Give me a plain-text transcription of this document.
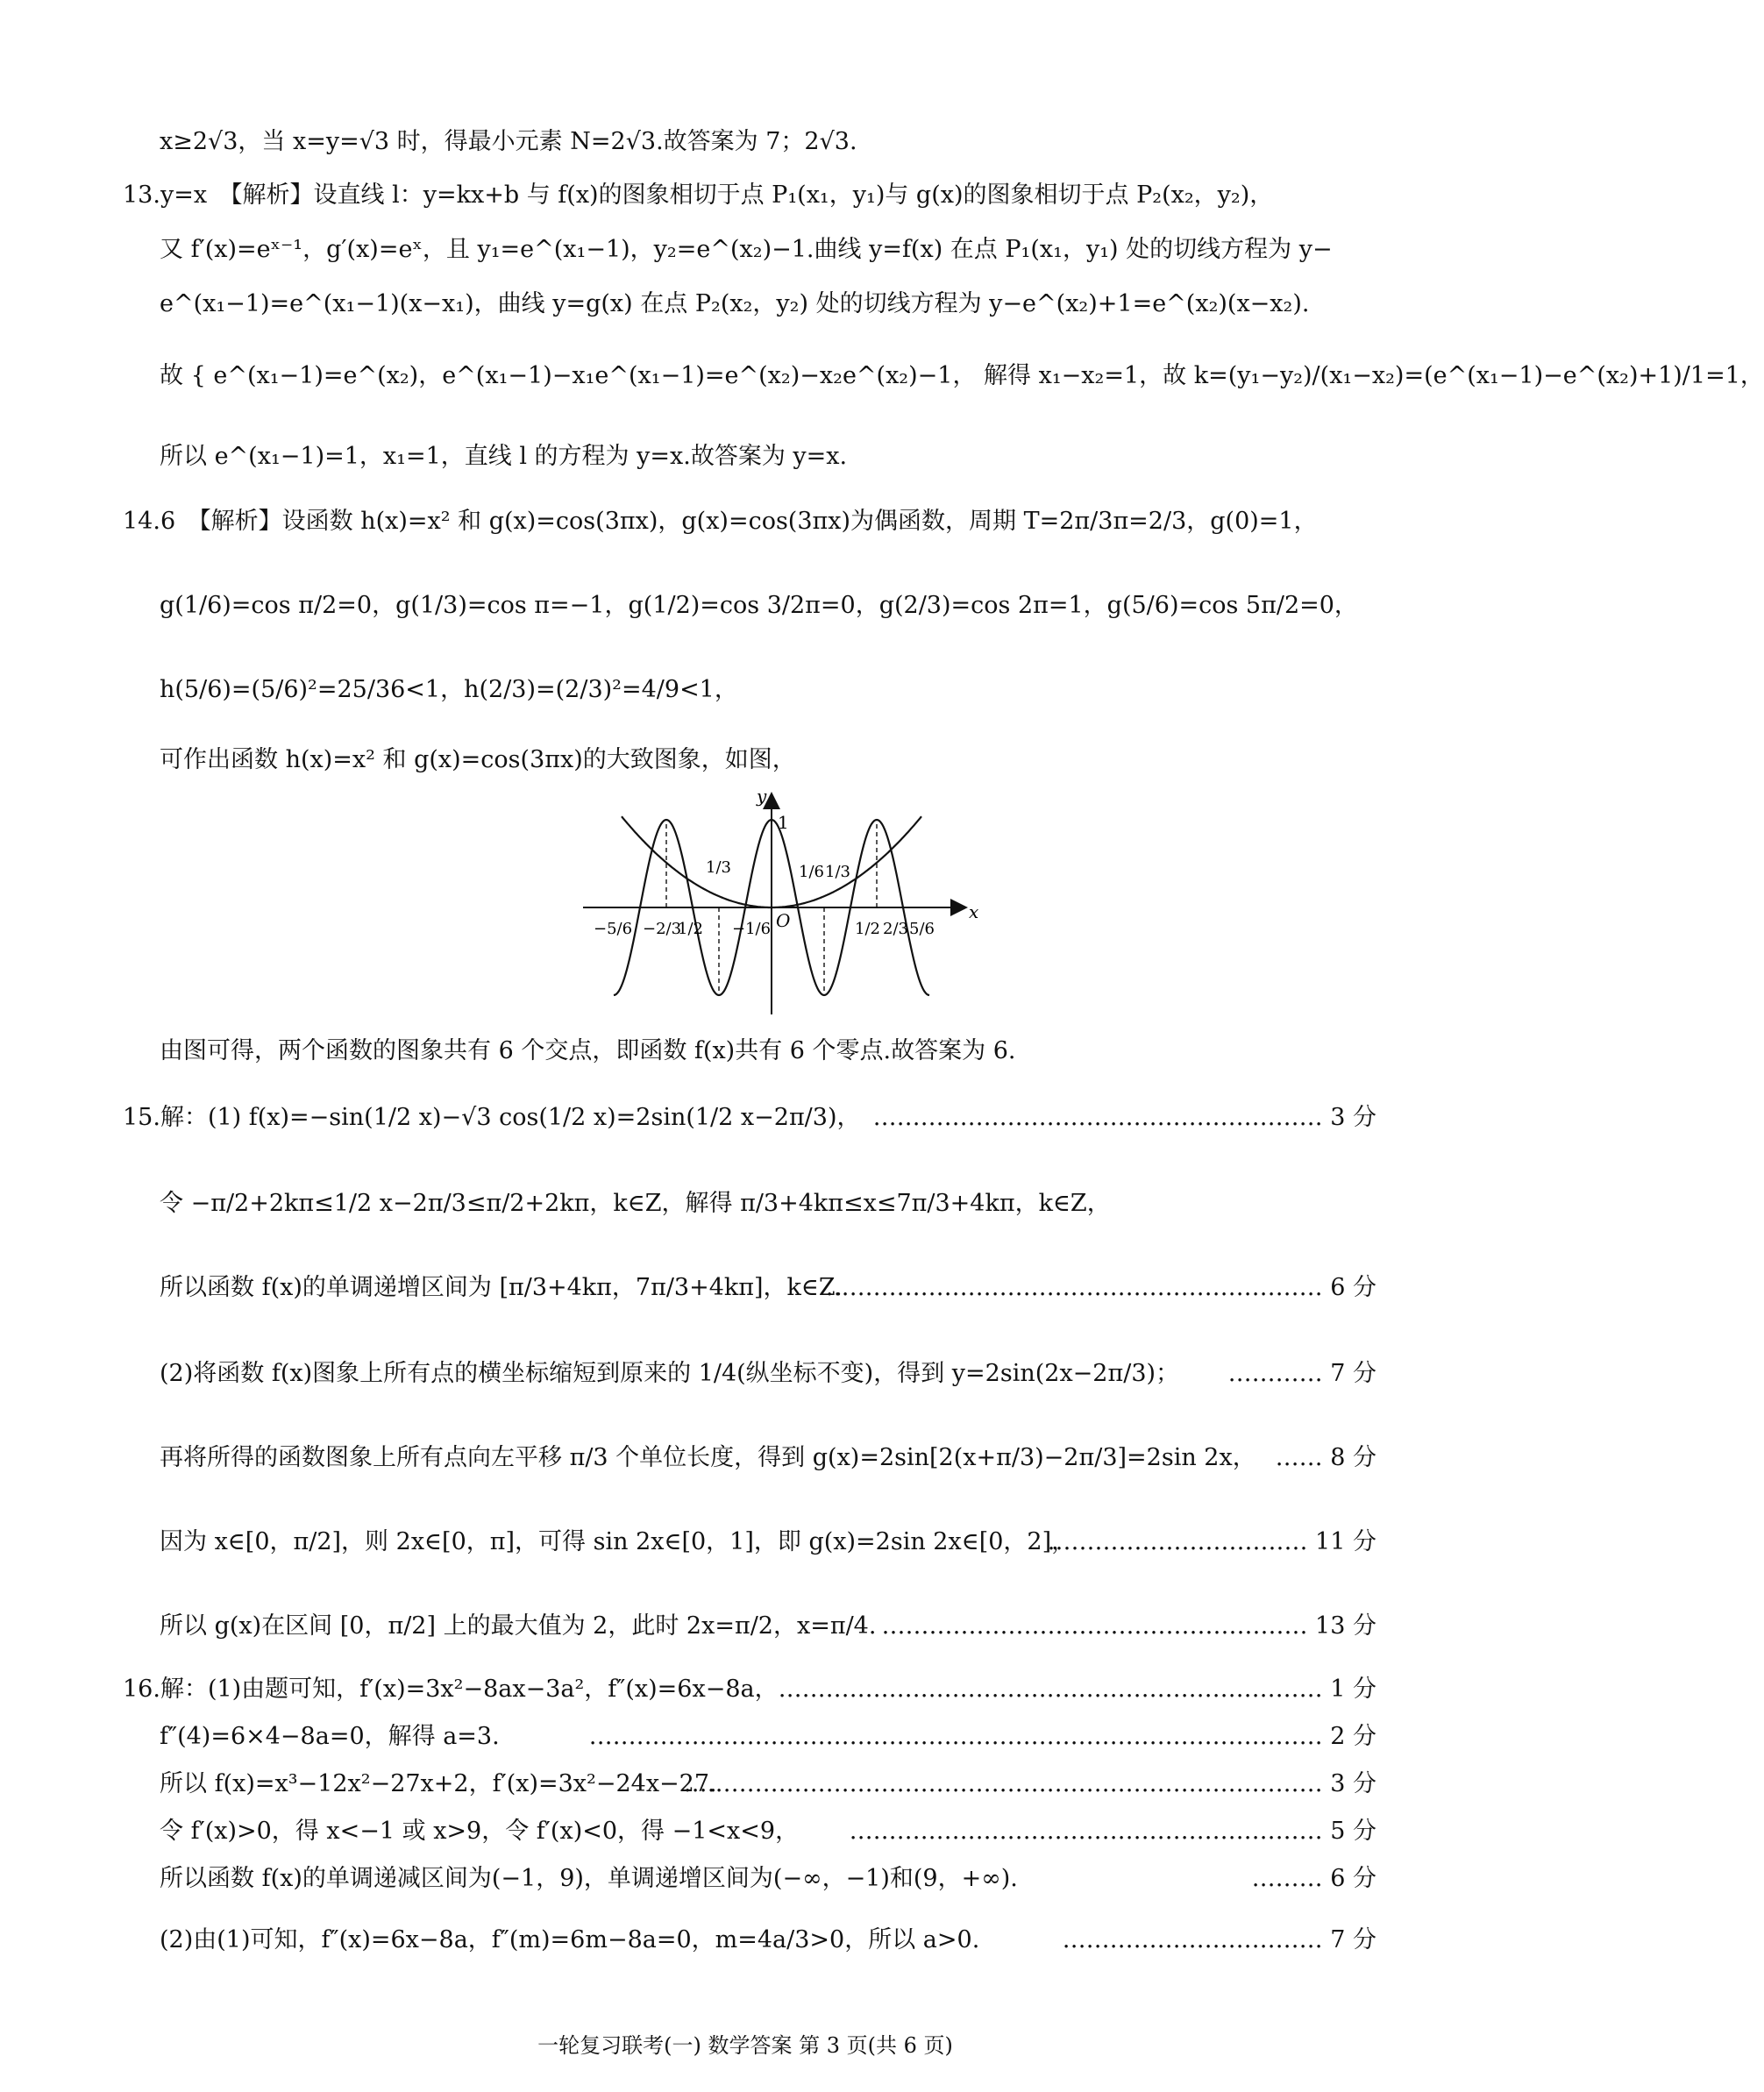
x≥2√3，当 x=y=√3 时，得最小元素 N=2√3.故答案为 7；2√3.
13.y=x　【解析】设直线 l：y=kx+b 与 f(x)的图象相切于点 P₁(x₁，y₁)与 g(x)的图象相切于点 P₂(x₂，y₂)，
又 f′(x)=eˣ⁻¹，g′(x)=eˣ，且 y₁=e^(x₁−1)，y₂=e^(x₂)−1.曲线 y=f(x) 在点 P₁(x₁，y₁) 处的切线方程为 y−
e^(x₁−1)=e^(x₁−1)(x−x₁)，曲线 y=g(x) 在点 P₂(x₂，y₂) 处的切线方程为 y−e^(x₂)+1=e^(x₂)(x−x₂).
故 { e^(x₁−1)=e^(x₂)，e^(x₁−1)−x₁e^(x₁−1)=e^(x₂)−x₂e^(x₂)−1， 解得 x₁−x₂=1，故 k=(y₁−y₂)/(x₁−x₂)=(e^(x₁−1)−e^(x₂)+1)/1=1，
所以 e^(x₁−1)=1，x₁=1，直线 l 的方程为 y=x.故答案为 y=x.
14.6　【解析】设函数 h(x)=x² 和 g(x)=cos(3πx)，g(x)=cos(3πx)为偶函数，周期 T=2π/3π=2/3，g(0)=1，
g(1/6)=cos π/2=0，g(1/3)=cos π=−1，g(1/2)=cos 3/2π=0，g(2/3)=cos 2π=1，g(5/6)=cos 5π/2=0，
h(5/6)=(5/6)²=25/36<1，h(2/3)=(2/3)²=4/9<1，
可作出函数 h(x)=x² 和 g(x)=cos(3πx)的大致图象，如图，
y
x
O
1
−5/6 −2/3
1/2 −1/6	1/2 2/3 5/6
1/3	1/6 1/3
由图可得，两个函数的图象共有 6 个交点，即函数 f(x)共有 6 个零点.故答案为 6.
15.解：(1) f(x)=−sin(1/2 x)−√3 cos(1/2 x)=2sin(1/2 x−2π/3)， ………………………………………………… 3 分
令 −π/2+2kπ≤1/2 x−2π/3≤π/2+2kπ，k∈Z，解得 π/3+4kπ≤x≤7π/3+4kπ，k∈Z，
所以函数 f(x)的单调递增区间为 [π/3+4kπ，7π/3+4kπ]，k∈Z.
……………………………………………………… 6 分
(2)将函数 f(x)图象上所有点的横坐标缩短到原来的 1/4(纵坐标不变)，得到 y=2sin(2x−2π/3)； ………… 7 分
再将所得的函数图象上所有点向左平移 π/3 个单位长度，得到 g(x)=2sin[2(x+π/3)−2π/3]=2sin 2x， …… 8 分
因为 x∈[0，π/2]，则 2x∈[0，π]，可得 sin 2x∈[0，1]，即 g(x)=2sin 2x∈[0，2]，
…………………………… 11 分
所以 g(x)在区间 [0，π/2] 上的最大值为 2，此时 2x=π/2，x=π/4. ……………………………………………… 13 分
16.解：(1)由题可知，f′(x)=3x²−8ax−3a²，f″(x)=6x−8a， …………………………………………………………… 1 分
f″(4)=6×4−8a=0，解得 a=3.	………………………………………………………………………………… 2 分
所以 f(x)=x³−12x²−27x+2，f′(x)=3x²−24x−27.
……………………………………………………………………… 3 分
令 f′(x)>0，得 x<−1 或 x>9，令 f′(x)<0，得 −1<x<9， …………………………………………………… 5 分
所以函数 f(x)的单调递减区间为(−1，9)，单调递增区间为(−∞，−1)和(9，+∞).	……… 6 分
(2)由(1)可知，f″(x)=6x−8a，f″(m)=6m−8a=0，m=4a/3>0，所以 a>0.	…………………………… 7 分
一轮复习联考(一) 数学答案 第 3 页(共 6 页)
